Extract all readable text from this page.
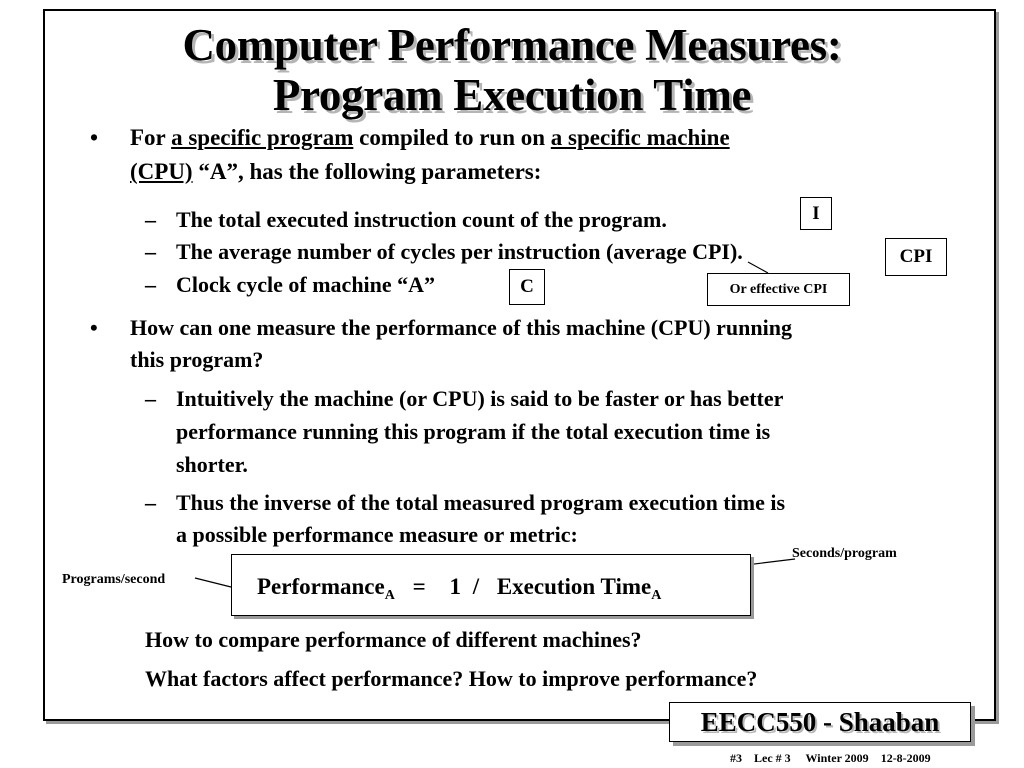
Computer Performance Measures:
Program Execution Time
• For a specific program compiled to run on a specific machine
(CPU) “A”, has the following parameters:
– The total executed instruction count of the program.
– The average number of cycles per instruction (average CPI).
– Clock cycle of machine “A”
I
CPI
C	Or effective CPI
• How can one measure the performance of this machine (CPU) running
this program?
– Intuitively the machine (or CPU) is said to be faster or has better
performance running this program if the total execution time is
shorter.
– Thus the inverse of the total measured program execution time is
a possible performance measure or metric:
Seconds/program
Programs/second	Performance$_A$ = 1 / Execution Time$_A$
How to compare performance of different machines?
What factors affect performance? How to improve performance?
EECC550 - Shaaban
#3 Lec # 3 Winter 2009 12-8-2009
